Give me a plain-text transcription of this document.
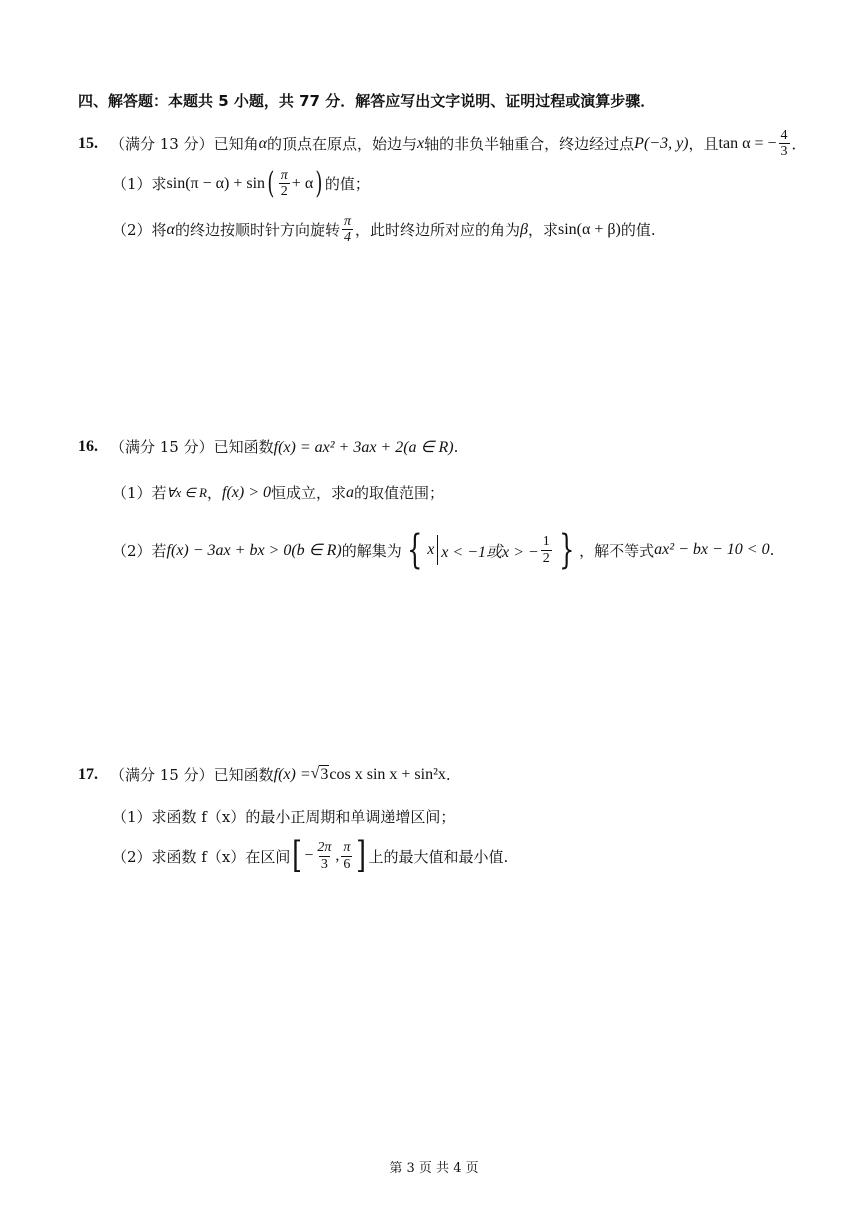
四、解答题：本题共 5 小题，共 77 分．解答应写出文字说明、证明过程或演算步骤．
15. （满分 13 分）已知角 α 的顶点在原点，始边与 x 轴的非负半轴重合，终边经过点 P(−3, y) ，且 tan α = − $\frac{4}{3}$ ．
（1）求 sin(π − α) + sin ( $\frac{\pi}{2} + \alpha$ ) 的值；
（2）将 α 的终边按顺时针方向旋转 $\frac{\pi}{4}$ ，此时终边所对应的角为 β ，求 sin(α + β) 的值.
16. （满分 15 分）已知函数 f(x) = ax² + 3ax + 2(a ∈ R) .
（1）若 ∀x ∈ R ， f(x) > 0 恒成立，求 a 的取值范围；
（2）若 f(x) − 3ax + bx > 0(b ∈ R) 的解集为 { x x < −1或x > − $\frac{1}{2}$ } ，解不等式 ax² − bx − 10 < 0 .
17. （满分 15 分）已知函数 f(x) = √ 3 cos x sin x + sin²x .
（1）求函数 f（x）的最小正周期和单调递增区间；
（2）求函数 f（x）在区间 [ − $\frac{2\pi}{3}$ , $\frac{\pi}{6}$ ] 上的最大值和最小值.
第 3 页 共 4 页
